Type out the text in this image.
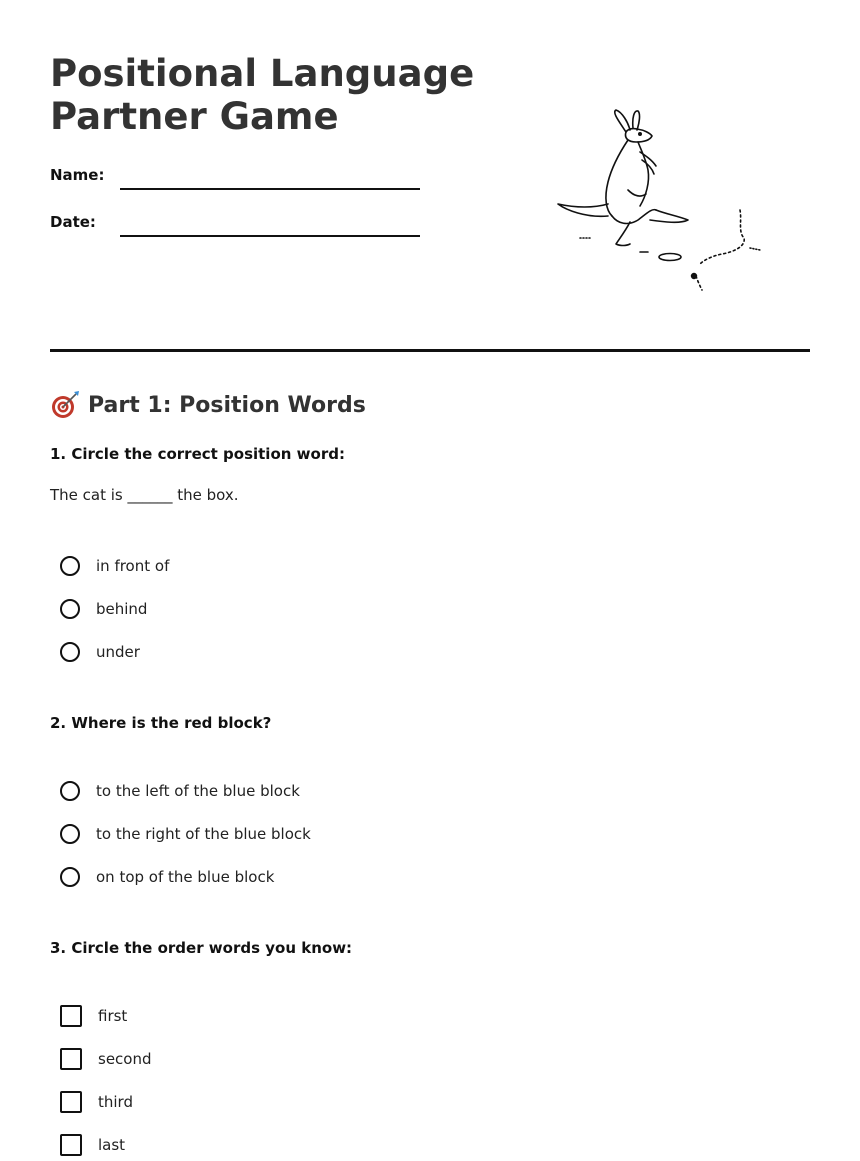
Positional Language
Partner Game
Name:
Date:
Part 1: Position Words
1. Circle the correct position word:
The cat is ______ the box.
in front of
behind
under
2. Where is the red block?
to the left of the blue block
to the right of the blue block
on top of the blue block
3. Circle the order words you know:
first
second
third
last
